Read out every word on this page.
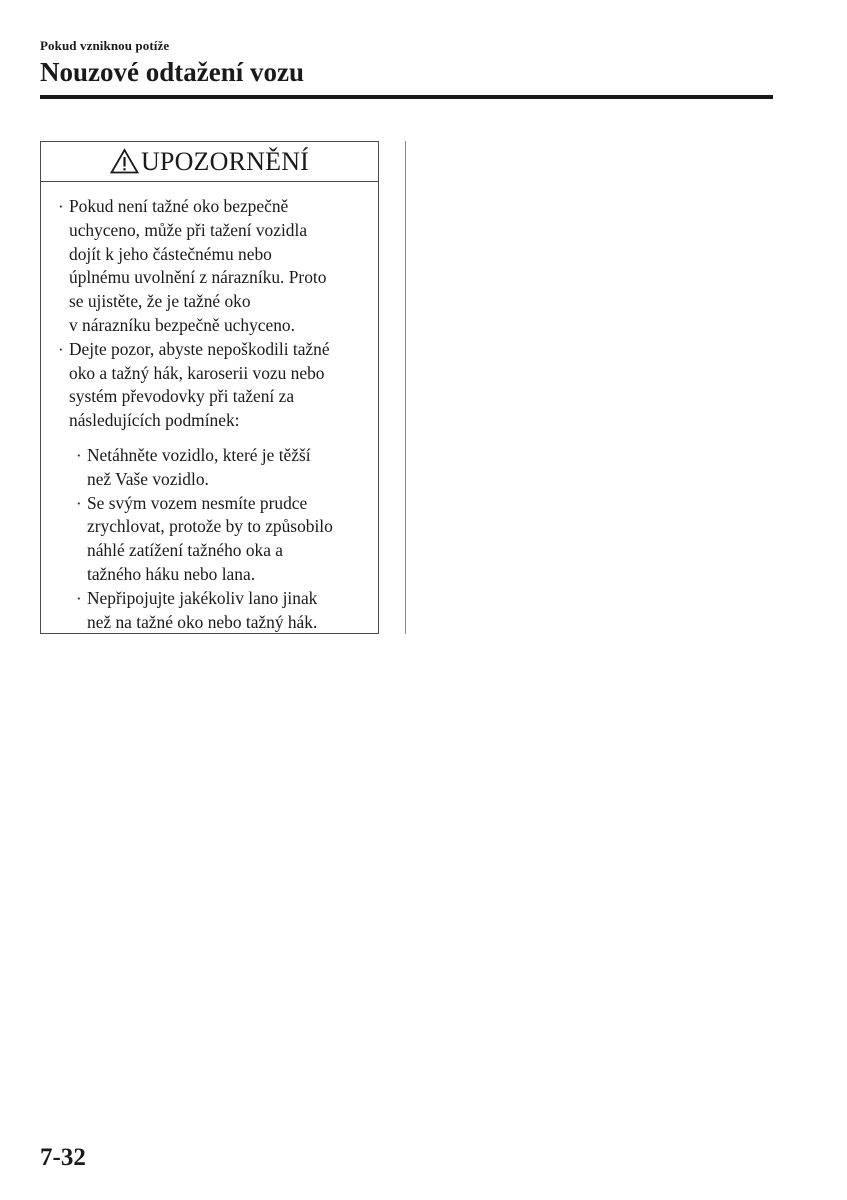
Pokud vzniknou potíže
Nouzové odtažení vozu
UPOZORNĚNÍ
· Pokud není tažné oko bezpečně
uchyceno, může při tažení vozidla
dojít k jeho částečnému nebo
úplnému uvolnění z nárazníku. Proto
se ujistěte, že je tažné oko
v nárazníku bezpečně uchyceno.
· Dejte pozor, abyste nepoškodili tažné
oko a tažný hák, karoserii vozu nebo
systém převodovky při tažení za
následujících podmínek:
· Netáhněte vozidlo, které je těžší
než Vaše vozidlo.
· Se svým vozem nesmíte prudce
zrychlovat, protože by to způsobilo
náhlé zatížení tažného oka a
tažného háku nebo lana.
· Nepřipojujte jakékoliv lano jinak
než na tažné oko nebo tažný hák.
7-32
